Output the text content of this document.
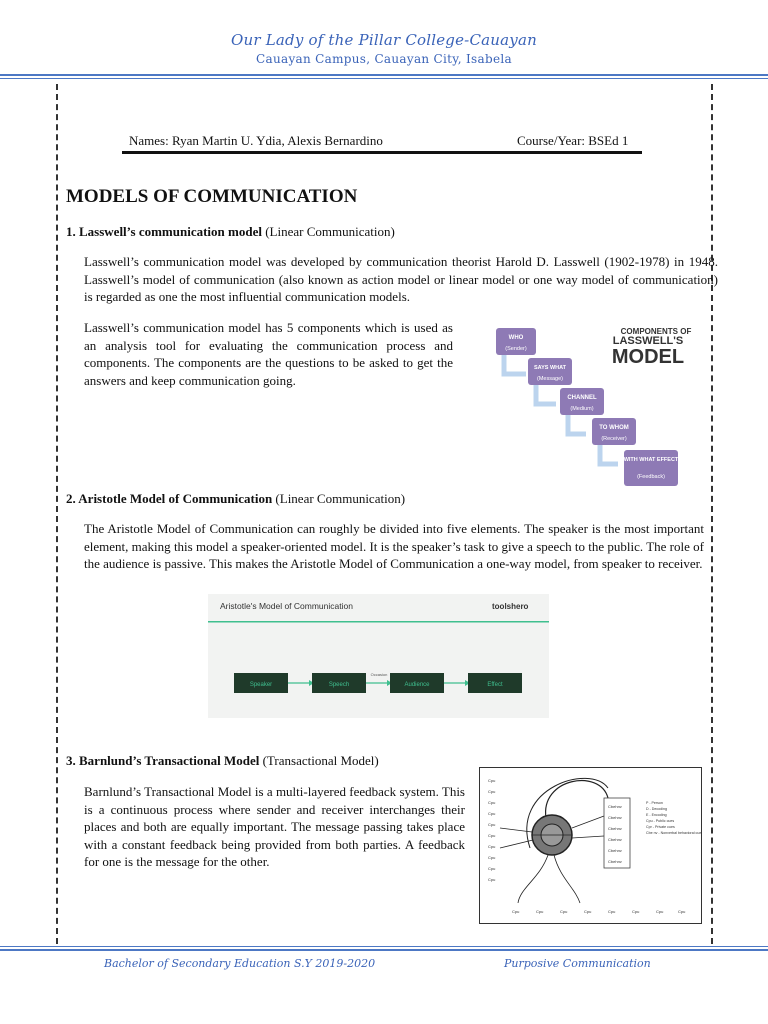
Our Lady of the Pillar College-Cauayan
Cauayan Campus, Cauayan City, Isabela
Names: Ryan Martin U. Ydia, Alexis Bernardino	Course/Year: BSEd 1
MODELS OF COMMUNICATION
1. Lasswell’s communication model (Linear Communication)
Lasswell’s communication model was developed by communication theorist Harold D. Lasswell (1902-1978) in 1948. Lasswell’s model of communication (also known as action model or linear model or one way model of communication) is regarded as one the most influential communication models.
Lasswell’s communication model has 5 components which is used as an analysis tool for evaluating the communication process and components. The components are the questions to be asked to get the answers and keep communication going.
COMPONENTS OF
LASSWELL'S
MODEL
WHO
(Sender)
SAYS WHAT
(Message)
CHANNEL
(Medium)
TO WHOM
(Receiver)
WITH WHAT EFFECT
(Feedback)
2. Aristotle Model of Communication (Linear Communication)
The Aristotle Model of Communication can roughly be divided into five elements. The speaker is the most important element, making this model a speaker-oriented model. It is the speaker’s task to give a speech to the public. The role of the audience is passive. This makes the Aristotle Model of Communication a one-way model, from speaker to receiver.
Aristotle's Model of Communication	toolshero
Occasion
Speaker	Speech	Audience	Effect
3. Barnlund’s Transactional Model (Transactional Model)
Barnlund’s Transactional Model is a multi-layered feedback system. This is a continuous process where sender and receiver interchanges their places and both are equally important. The message passing takes place with a constant feedback being provided from both parties. A feedback for one is the message for the other.
Cpu
Cpu
Cpu
Cpu
Cpu
Cpu
Cpu
Cpu
Cpu
Cpu
Cbehnv
Cbehnv
Cbehnv
Cbehnv
Cbehnv
Cbehnv
P - Person
D - Decoding
E - Encoding
Cpu - Public cues
Cpr - Private cues
Cbe nv - Nonverbal behavioral cues
Cpu	Cpu	Cpu	Cpu	Cpu	Cpu	Cpu	Cpu
Bachelor of Secondary Education S.Y 2019-2020	Purposive Communication
